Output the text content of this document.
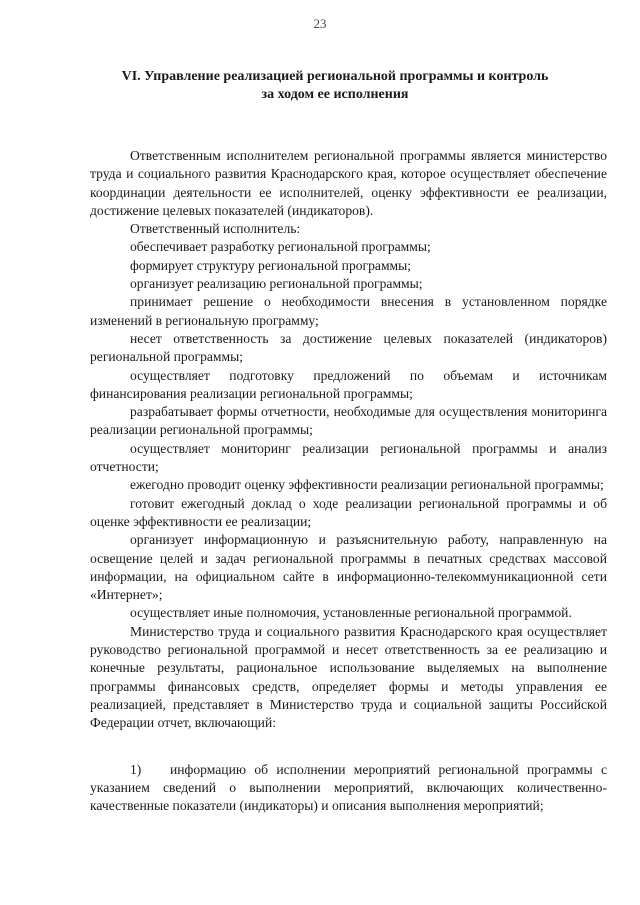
23
VI. Управление реализацией региональной программы и контроль
за ходом ее исполнения

Ответственным исполнителем региональной программы является министерство труда и социального развития Краснодарского края, которое осуществляет обеспечение координации деятельности ее исполнителей, оценку эффективности ее реализации, достижение целевых показателей (индикаторов).

Ответственный исполнитель:

обеспечивает разработку региональной программы;

формирует структуру региональной программы;

организует реализацию региональной программы;

принимает решение о необходимости внесения в установленном порядке изменений в региональную программу;

несет ответственность за достижение целевых показателей (индикаторов) региональной программы;

осуществляет подготовку предложений по объемам и источникам финансирования реализации региональной программы;

разрабатывает формы отчетности, необходимые для осуществления мониторинга реализации региональной программы;

осуществляет мониторинг реализации региональной программы и анализ отчетности;

ежегодно проводит оценку эффективности реализации региональной программы;

готовит ежегодный доклад о ходе реализации региональной программы и об оценке эффективности ее реализации;

организует информационную и разъяснительную работу, направленную на освещение целей и задач региональной программы в печатных средствах массовой информации, на официальном сайте в информационно-телекоммуникационной сети «Интернет»;

осуществляет иные полномочия, установленные региональной программой.

Министерство труда и социального развития Краснодарского края осуществляет руководство региональной программой и несет ответственность за ее реализацию и конечные результаты, рациональное использование выделяемых на выполнение программы финансовых средств, определяет формы и методы управления ее реализацией, представляет в Министерство труда и социальной защиты Российской Федерации отчет, включающий:

1) информацию об исполнении мероприятий региональной программы с указанием сведений о выполнении мероприятий, включающих количественно-качественные показатели (индикаторы) и описания выполнения мероприятий;
